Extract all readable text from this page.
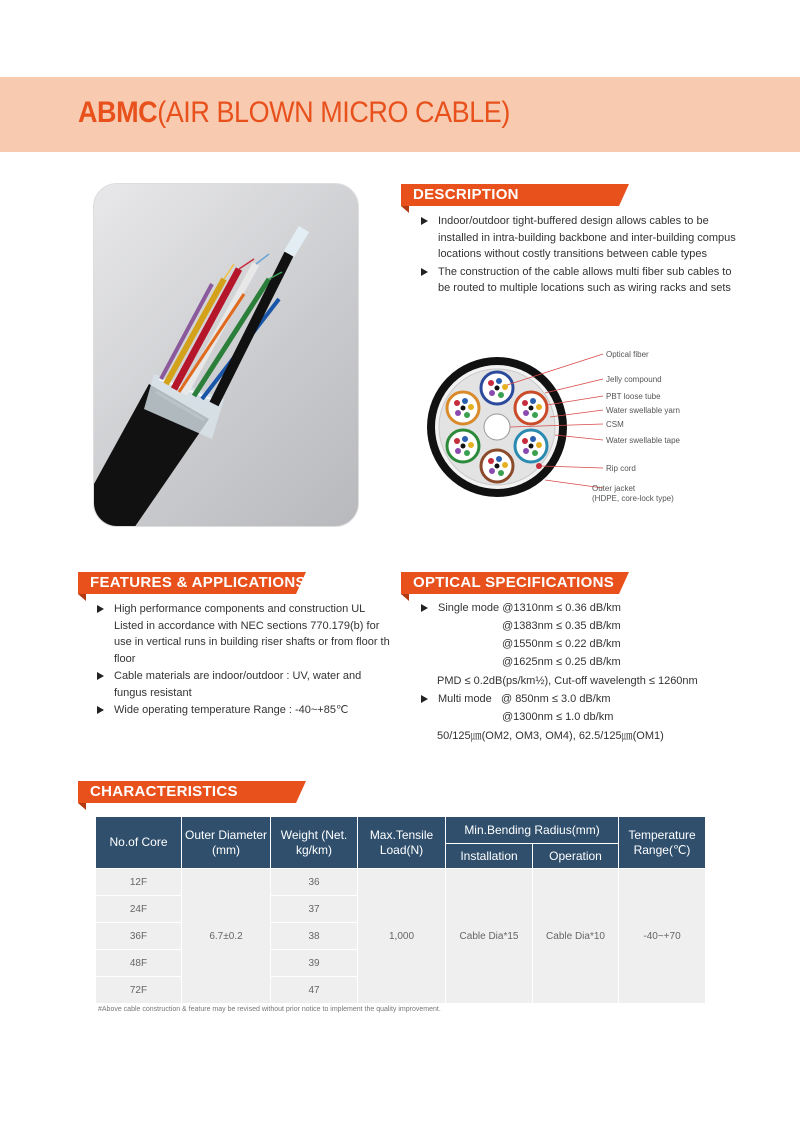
ABMC(AIR BLOWN MICRO CABLE)
DESCRIPTION
Indoor/outdoor tight-buffered design allows cables to be installed in intra-building backbone and inter-building compus locations without costly transitions between cable types
The construction of the cable allows multi fiber sub cables to be routed to multiple locations such as wiring racks and sets
Optical fiber
Jelly compound
PBT loose tube
Water swellable yarn
CSM
Water swellable tape
Rip cord
Outer jacket
(HDPE, core-lock type)
FEATURES & APPLICATIONS
High performance components and construction UL Listed in accordance with NEC sections 770.179(b) for use in vertical runs in building riser shafts or from floor th floor
Cable materials are indoor/outdoor : UV, water and fungus resistant
Wide operating temperature Range : -40~+85℃
OPTICAL SPECIFICATIONS
Single mode @1310nm ≤ 0.36 dB/km
@1383nm ≤ 0.35 dB/km
@1550nm ≤ 0.22 dB/km
@1625nm ≤ 0.25 dB/km
PMD ≤ 0.2dB(ps/km½), Cut-off wavelength ≤ 1260nm
Multi mode   @ 850nm ≤ 3.0 dB/km
@1300nm ≤ 1.0 db/km
50/125㎛(OM2, OM3, OM4), 62.5/125㎛(OM1)
CHARACTERISTICS
No.of Core	Outer Diameter (mm)	Weight (Net. kg/km)	Max.Tensile Load(N)	Min.Bending Radius(mm)		Temperature Range(℃)
				Installation	Operation	
12F	6.7±0.2	36	1,000	Cable Dia*15	Cable Dia*10	-40~+70
24F		37				
36F		38				
48F		39				
72F		47				
#Above cable construction & feature may be revised without prior notice to implement the quality improvement.
